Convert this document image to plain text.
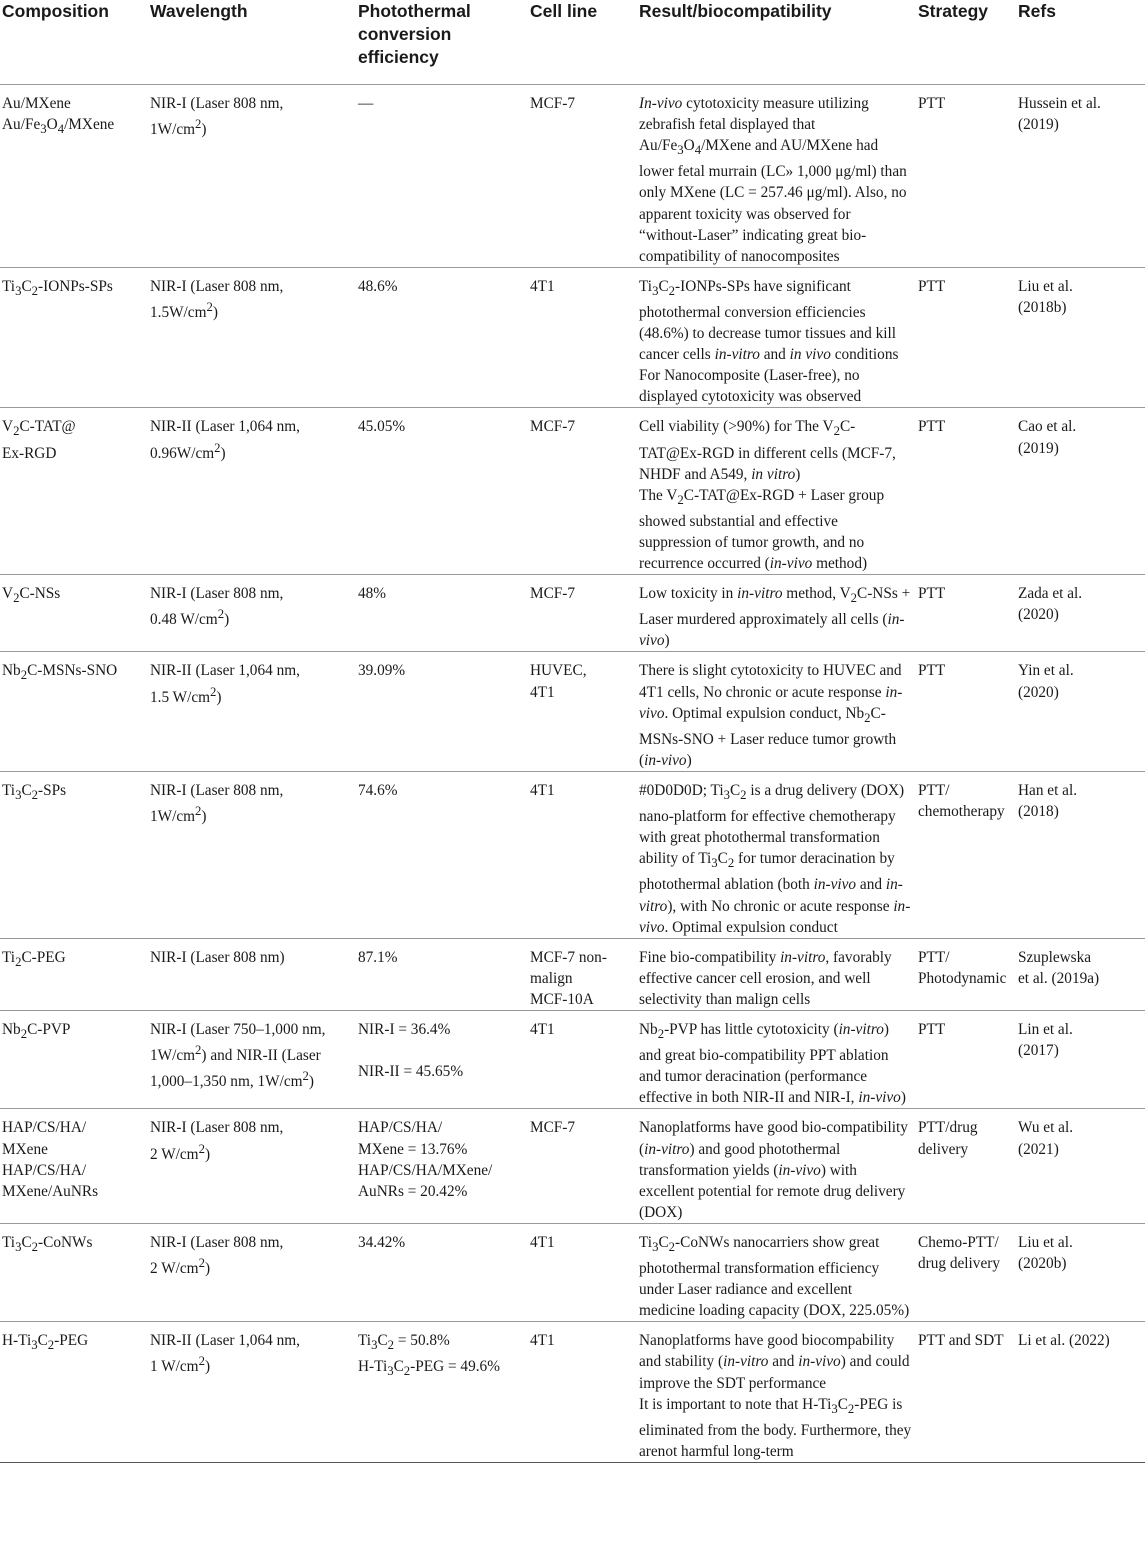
Composition	Wavelength	Photothermal conversion efficiency	Cell line	Result/biocompatibility	Strategy	Refs

Au/MXene
$Au/Fe_3O_4$/MXene	NIR-I (Laser 808 nm,
$1W/cm^2$)	—	MCF-7	In-vivo cytotoxicity measure utilizing zebrafish fetal displayed that $Au/Fe_3O_4$/MXene and AU/MXene had lower fetal murrain (LC» 1,000 μg/ml) than only MXene (LC = 257.46 μg/ml). Also, no apparent toxicity was observed for “without-Laser” indicating great bio-compatibility of nanocomposites	PTT	Hussein et al.
(2019)

$Ti_3C_2-IONPs$-SPs	NIR-I (Laser 808 nm,
$1.5W/cm^2$)	48.6%	4T1	$Ti_3C_2-IONPs$-SPs have significant photothermal conversion efficiencies (48.6%) to decrease tumor tissues and kill cancer cells in-vitro and in vivo conditions
For Nanocomposite (Laser-free), no displayed cytotoxicity was observed	PTT	Liu et al.
(2018b)

$V_2C-TAT@$
Ex-RGD	NIR-II (Laser 1,064 nm,
$0.96W/cm^2$)	45.05%	MCF-7	Cell viability (>90%) for The $V_2C-TAT@Ex$-RGD in different cells (MCF-7, NHDF and A549, in vitro)
The $V_2C-TAT@Ex$-RGD + Laser group showed substantial and effective suppression of tumor growth, and no recurrence occurred (in-vivo method)	PTT	Cao et al.
(2019)

$V_2C$-NSs	NIR-I (Laser 808 nm,
0.48 $W/cm^2$)	48%	MCF-7	Low toxicity in in-vitro method, $V_2C$-NSs + Laser murdered approximately all cells (in-vivo)	PTT	Zada et al.
(2020)

$Nb_2C-MSNs$-SNO	NIR-II (Laser 1,064 nm,
1.5 $W/cm^2$)	39.09%	HUVEC,
4T1	There is slight cytotoxicity to HUVEC and 4T1 cells, No chronic or acute response in-vivo. Optimal expulsion conduct, $Nb_2C-MSNs$-SNO + Laser reduce tumor growth (in-vivo)	PTT	Yin et al.
(2020)

$Ti_3C_2$-SPs	NIR-I (Laser 808 nm,
$1W/cm^2$)	74.6%	4T1	#0D0D0D; $Ti_3C_2$ is a drug delivery (DOX) nano-platform for effective chemotherapy with great photothermal transformation ability of $Ti_3C_2$ for tumor deracination by photothermal ablation (both in-vivo and in-vitro), with No chronic or acute response in-vivo. Optimal expulsion conduct	PTT/
chemotherapy	Han et al.
(2018)

$Ti_2C$-PEG	NIR-I (Laser 808 nm)	87.1%	MCF-7 non-
malign
MCF-10A	Fine bio-compatibility in-vitro, favorably effective cancer cell erosion, and well selectivity than malign cells	PTT/
Photodynamic	Szuplewska
et al. (2019a)

$Nb_2C$-PVP	NIR-I (Laser 750–1,000 nm,
$1W/cm^2$) and NIR-II (Laser
1,000–1,350 nm, $1W/cm^2$)	NIR-I = 36.4%
NIR-II = 45.65%	4T1	$Nb_2$-PVP has little cytotoxicity (in-vitro) and great bio-compatibility PPT ablation and tumor deracination (performance effective in both NIR-II and NIR-I, in-vivo)	PTT	Lin et al.
(2017)

HAP/CS/HA/
MXene
HAP/CS/HA/
MXene/AuNRs	NIR-I (Laser 808 nm,
2 $W/cm^2$)	HAP/CS/HA/
MXene = 13.76%
HAP/CS/HA/MXene/
AuNRs = 20.42%	MCF-7	Nanoplatforms have good bio-compatibility (in-vitro) and good photothermal transformation yields (in-vivo) with excellent potential for remote drug delivery (DOX)	PTT/drug
delivery	Wu et al.
(2021)

$Ti_3C_2$-CoNWs	NIR-I (Laser 808 nm,
2 $W/cm^2$)	34.42%	4T1	$Ti_3C_2$-CoNWs nanocarriers show great photothermal transformation efficiency under Laser radiance and excellent medicine loading capacity (DOX, 225.05%)	Chemo-PTT/
drug delivery	Liu et al.
(2020b)

$H-Ti_3C_2$-PEG	NIR-II (Laser 1,064 nm,
1 $W/cm^2$)	$Ti_3C_2 = 50.8\%$
$H-Ti_3C_2$-PEG = 49.6%	4T1	Nanoplatforms have good biocompability and stability (in-vitro and in-vivo) and could improve the SDT performance
It is important to note that $H-Ti_3C_2$-PEG is eliminated from the body. Furthermore, they arenot harmful long-term	PTT and SDT	Li et al. (2022)
